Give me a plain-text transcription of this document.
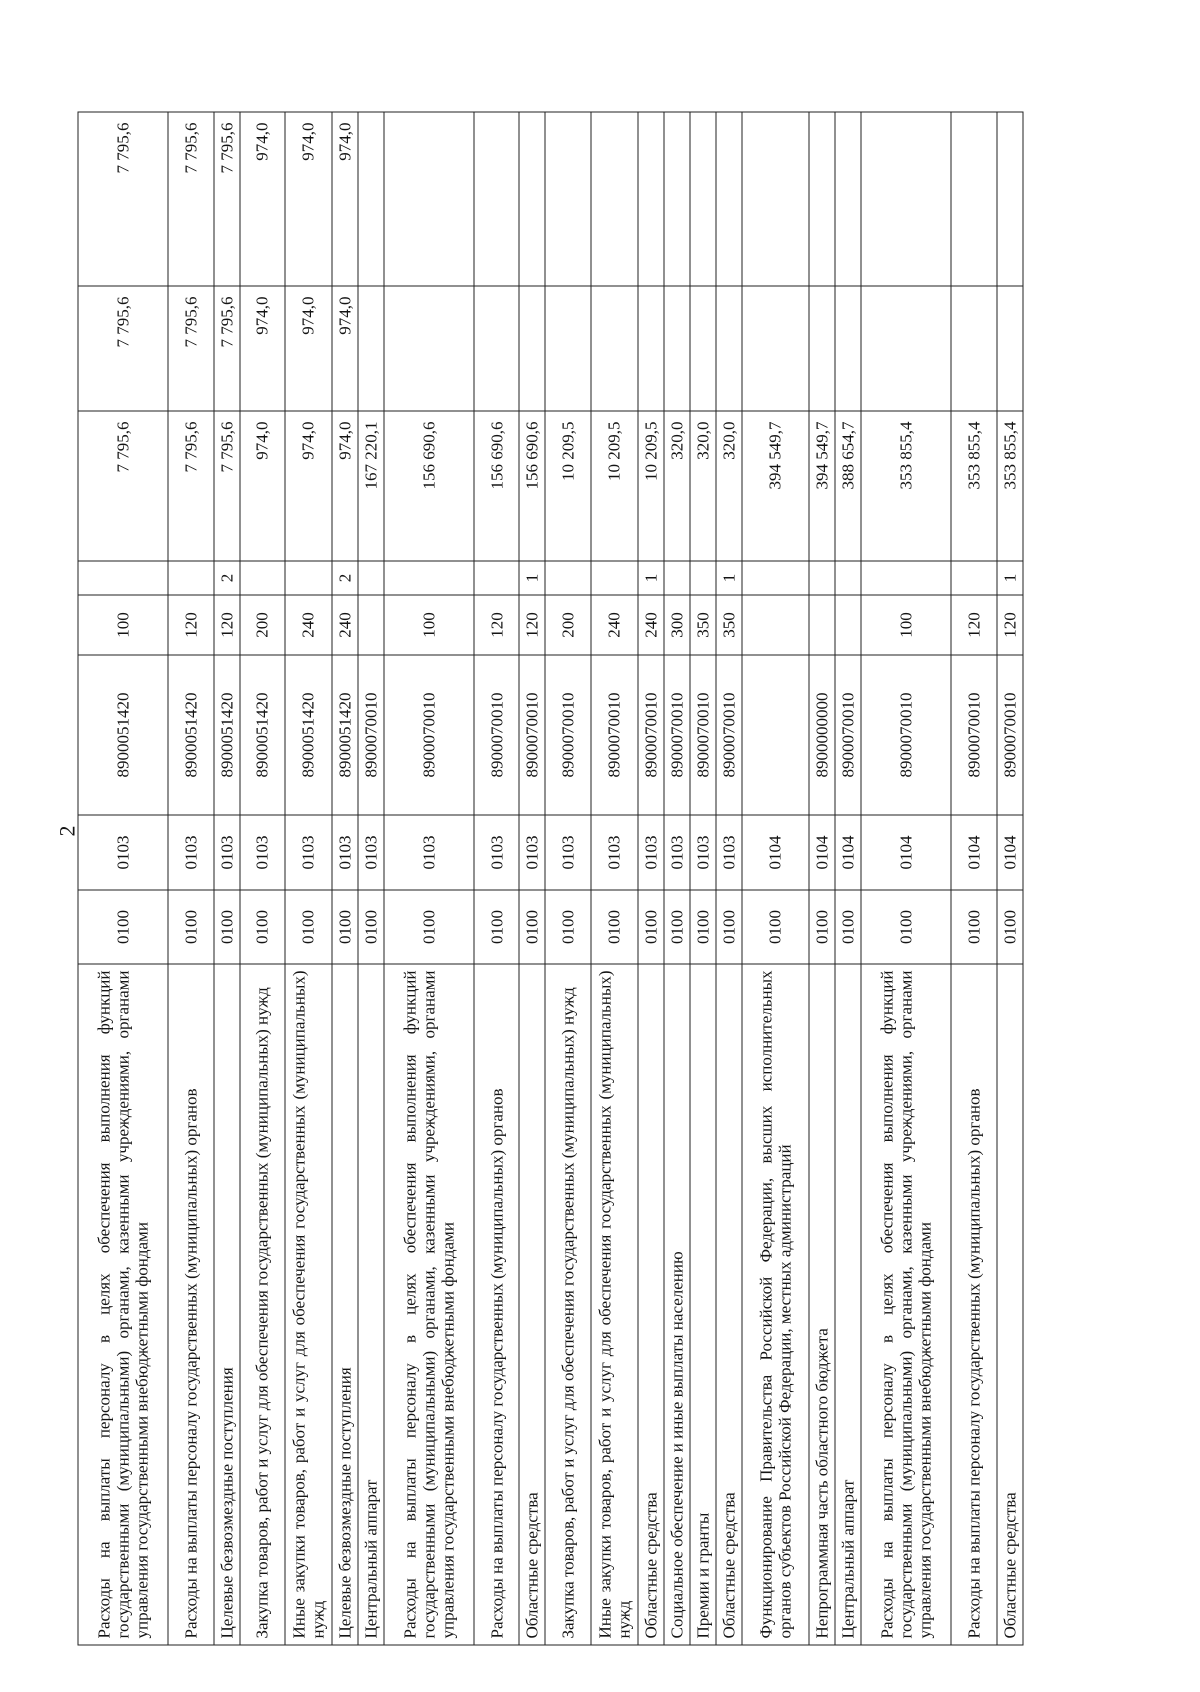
2
Расходы на выплаты персоналу в целях обеспечения выполнения функций государственными (муниципальными) органами, казенными учреждениями, органами управления государственными внебюджетными фондами	0100	0103	8900051420	100		7 795,6	7 795,6	7 795,6
Расходы на выплаты персоналу государственных (муниципальных) органов	0100	0103	8900051420	120		7 795,6	7 795,6	7 795,6
Целевые безвозмездные поступления	0100	0103	8900051420	120	2	7 795,6	7 795,6	7 795,6
Закупка товаров, работ и услуг для обеспечения государственных (муниципальных) нужд	0100	0103	8900051420	200		974,0	974,0	974,0
Иные закупки товаров, работ и услуг для обеспечения государственных (муниципальных) нужд	0100	0103	8900051420	240		974,0	974,0	974,0
Целевые безвозмездные поступления	0100	0103	8900051420	240	2	974,0	974,0	974,0
Центральный аппарат	0100	0103	8900070010			167 220,1		
Расходы на выплаты персоналу в целях обеспечения выполнения функций государственными (муниципальными) органами, казенными учреждениями, органами управления государственными внебюджетными фондами	0100	0103	8900070010	100		156 690,6		
Расходы на выплаты персоналу государственных (муниципальных) органов	0100	0103	8900070010	120		156 690,6		
Областные средства	0100	0103	8900070010	120	1	156 690,6		
Закупка товаров, работ и услуг для обеспечения государственных (муниципальных) нужд	0100	0103	8900070010	200		10 209,5		
Иные закупки товаров, работ и услуг для обеспечения государственных (муниципальных) нужд	0100	0103	8900070010	240		10 209,5		
Областные средства	0100	0103	8900070010	240	1	10 209,5		
Социальное обеспечение и иные выплаты населению	0100	0103	8900070010	300		320,0		
Премии и гранты	0100	0103	8900070010	350		320,0		
Областные средства	0100	0103	8900070010	350	1	320,0		
Функционирование Правительства Российской Федерации, высших исполнительных органов субъектов Российской Федерации, местных администраций	0100	0104				394 549,7		
Непрограммная часть областного бюджета	0100	0104	8900000000			394 549,7		
Центральный аппарат	0100	0104	8900070010			388 654,7		
Расходы на выплаты персоналу в целях обеспечения выполнения функций государственными (муниципальными) органами, казенными учреждениями, органами управления государственными внебюджетными фондами	0100	0104	8900070010	100		353 855,4		
Расходы на выплаты персоналу государственных (муниципальных) органов	0100	0104	8900070010	120		353 855,4		
Областные средства	0100	0104	8900070010	120	1	353 855,4		
